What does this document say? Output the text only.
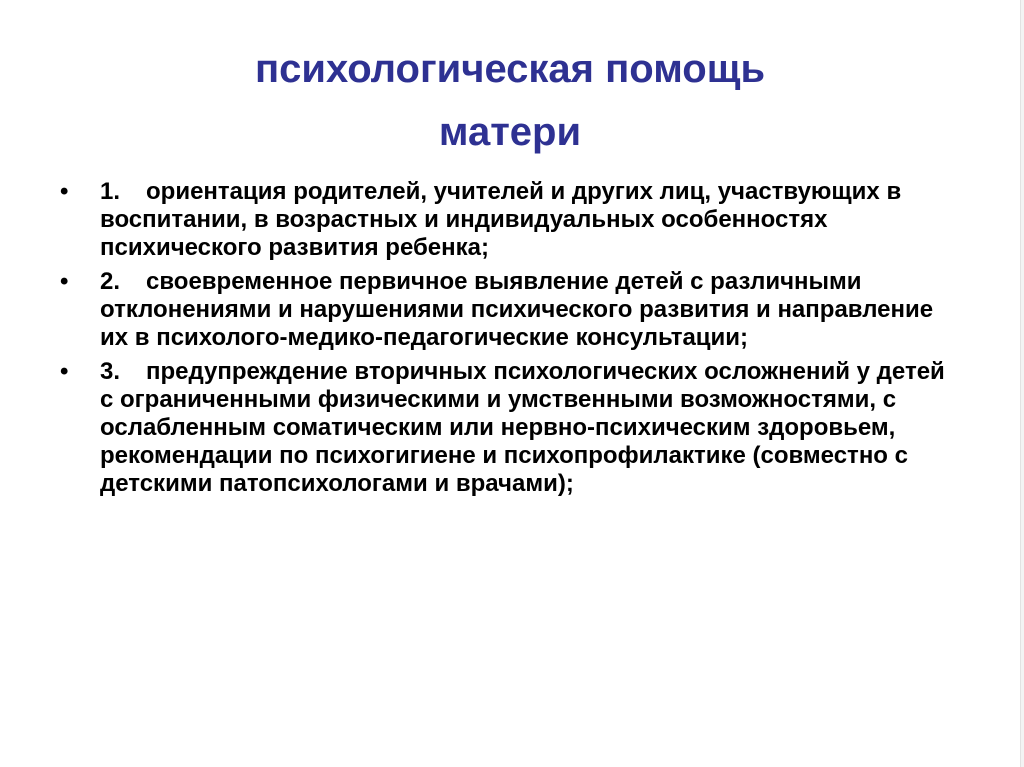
психологическая помощь
матери
•	1. ориентация родителей, учителей и других лиц, участвующих в воспитании, в возрастных и индивидуальных особенностях психического развития ребенка;
•	2. своевременное первичное выявление детей с различными отклонениями и нарушениями психического развития и направление их в психолого-медико-педагогические консультации;
•	3. предупреждение вторичных психологических осложнений у детей с ограниченными физическими и умственными возможностями, с ослабленным соматическим или нервно-психическим здоровьем, рекомендации по психогигиене и психопрофилактике (совместно с детскими патопсихологами и врачами);
